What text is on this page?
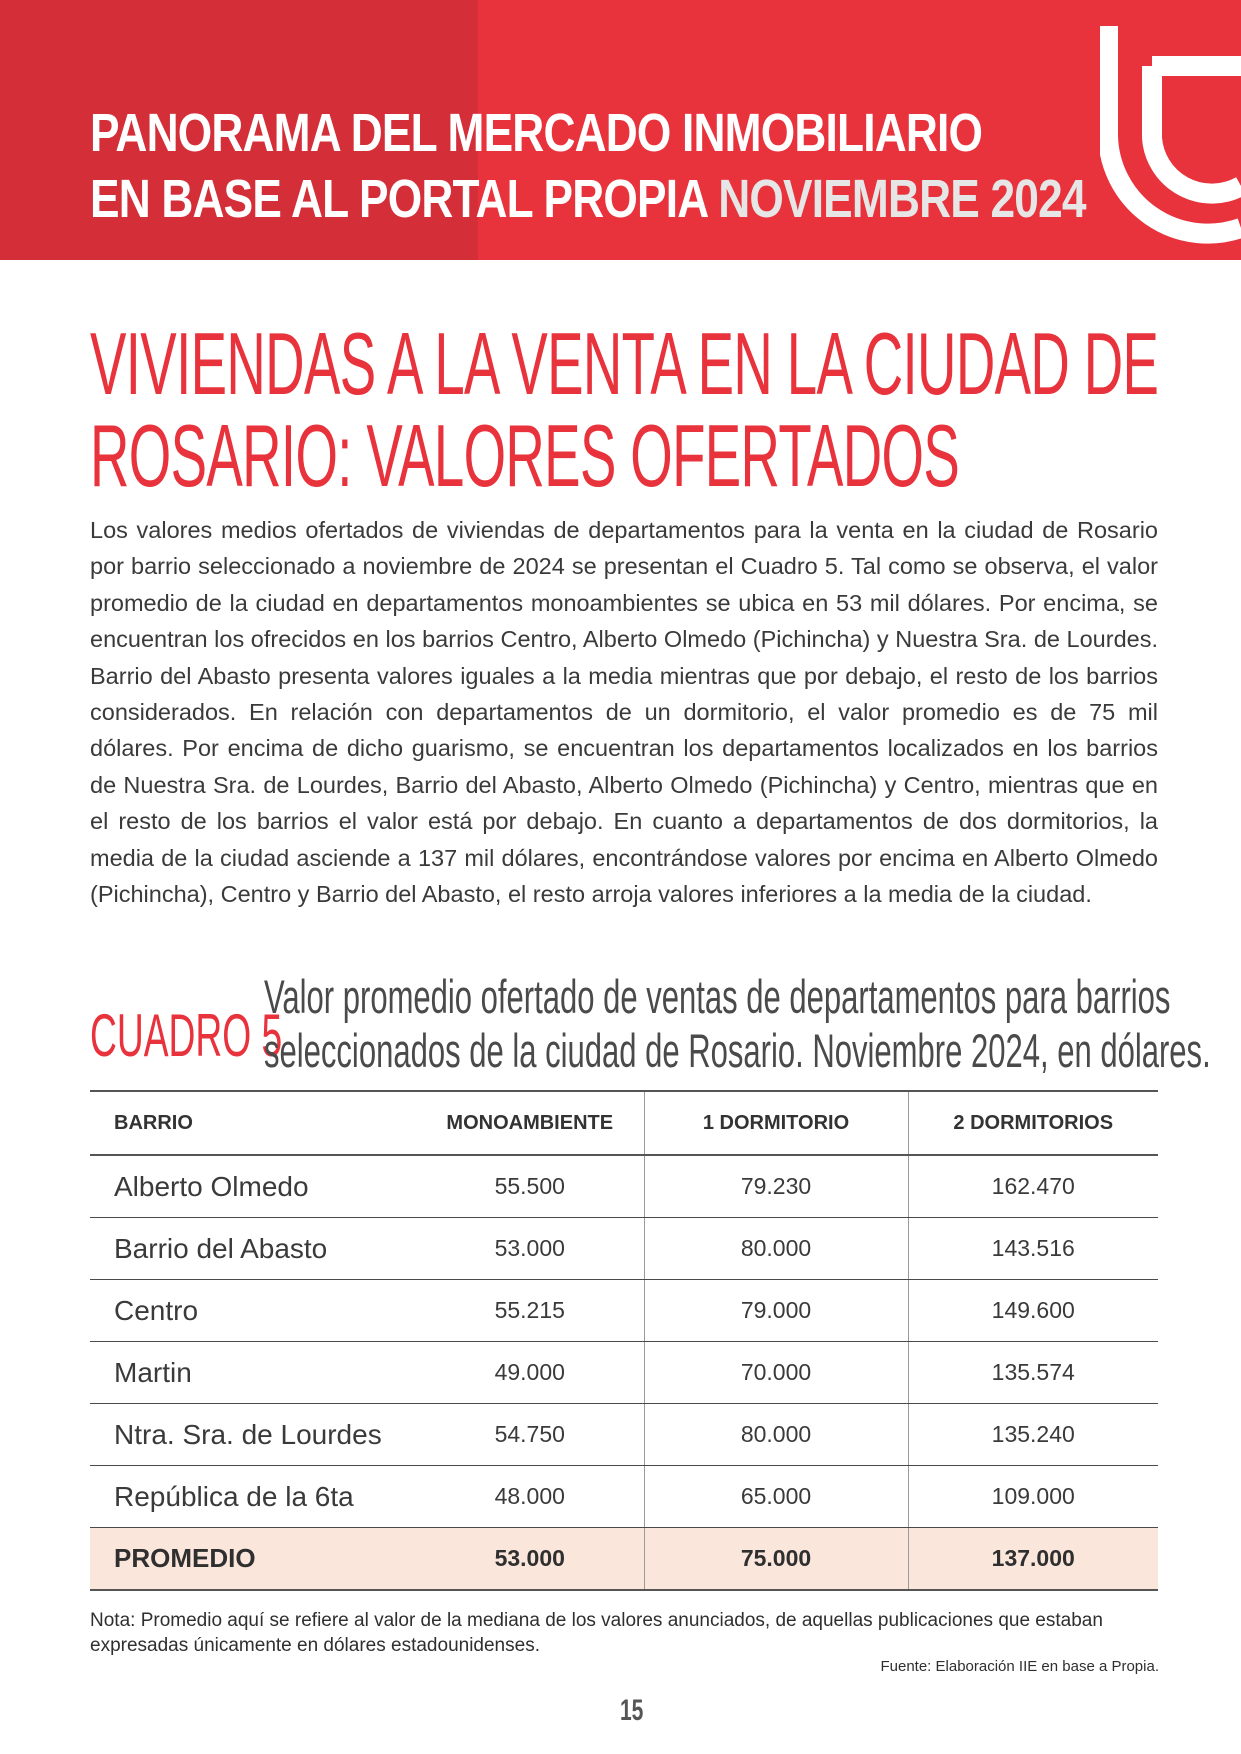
PANORAMA DEL MERCADO INMOBILIARIO
EN BASE AL PORTAL PROPIA NOVIEMBRE 2024
VIVIENDAS A LA VENTA EN LA CIUDAD DE
ROSARIO: VALORES OFERTADOS

Los valores medios ofertados de viviendas de departamentos para la venta en la ciudad de Rosario por barrio seleccionado a noviembre de 2024 se presentan el Cuadro 5. Tal como se observa, el valor promedio de la ciudad en departamentos monoambientes se ubica en 53 mil dólares. Por encima, se encuentran los ofrecidos en los barrios Centro, Alberto Olmedo (Pichincha) y Nuestra Sra. de Lourdes. Barrio del Abasto presenta valores iguales a la media mientras que por debajo, el resto de los barrios considerados. En relación con departamentos de un dormitorio, el valor promedio es de 75 mil dólares. Por encima de dicho guarismo, se encuentran los departamentos localizados en los barrios de Nuestra Sra. de Lourdes, Barrio del Abasto, Alberto Olmedo (Pichincha) y Centro, mientras que en el resto de los barrios el valor está por debajo. En cuanto a departamentos de dos dormitorios, la media de la ciudad asciende a 137 mil dólares, encontrándose valores por encima en Alberto Olmedo (Pichincha), Centro y Barrio del Abasto, el resto arroja valores inferiores a la media de la ciudad.

CUADRO 5

Valor promedio ofertado de ventas de departamentos para barrios
seleccionados de la ciudad de Rosario. Noviembre 2024, en dólares.

BARRIO	MONOAMBIENTE	1 DORMITORIO	2 DORMITORIOS
Alberto Olmedo	55.500	79.230	162.470
Barrio del Abasto	53.000	80.000	143.516
Centro	55.215	79.000	149.600
Martin	49.000	70.000	135.574
Ntra. Sra. de Lourdes	54.750	80.000	135.240
República de la 6ta	48.000	65.000	109.000
PROMEDIO	53.000	75.000	137.000

Nota: Promedio aquí se refiere al valor de la mediana de los valores anunciados, de aquellas publicaciones que estaban expresadas únicamente en dólares estadounidenses.

Fuente: Elaboración IIE en base a Propia.

15
